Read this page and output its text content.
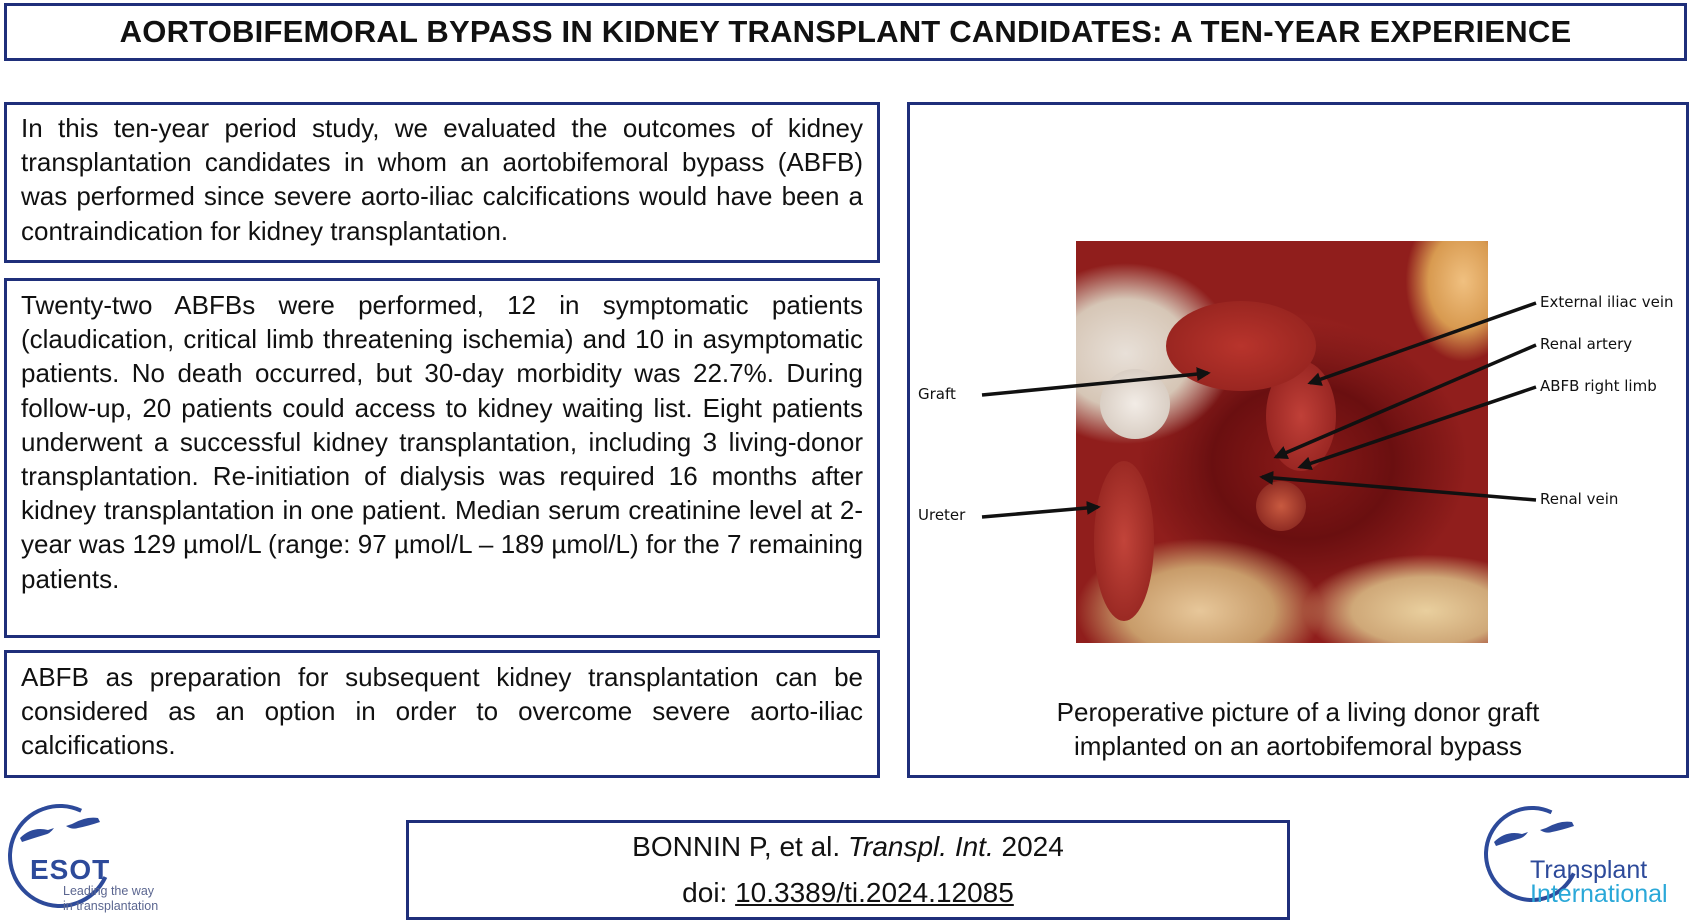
AORTOBIFEMORAL BYPASS IN KIDNEY TRANSPLANT CANDIDATES: A TEN-YEAR EXPERIENCE

In this ten-year period study, we evaluated the outcomes of kidney transplantation candidates in whom an aortobifemoral bypass (ABFB) was performed since severe aorto-iliac calcifications would have been a contraindication for kidney transplantation.

Twenty-two ABFBs were performed, 12 in symptomatic patients (claudication, critical limb threatening ischemia) and 10 in asymptomatic patients. No death occurred, but 30-day morbidity was 22.7%. During follow-up, 20 patients could access to kidney waiting list. Eight patients underwent a successful kidney transplantation, including 3 living-donor transplantation. Re-initiation of dialysis was required 16 months after kidney transplantation in one patient. Median serum creatinine level at 2-year was 129 µmol/L (range: 97 µmol/L – 189 µmol/L) for the 7 remaining patients.

ABFB as preparation for subsequent kidney transplantation can be considered as an option in order to overcome severe aorto-iliac calcifications.

Graft
Ureter
External iliac vein
Renal artery
ABFB right limb
Renal vein
Peroperative picture of a living donor graft
implanted on an aortobifemoral bypass
BONNIN P, et al. Transpl. Int. 2024
doi: 10.3389/ti.2024.12085
ESOT
Leading the way
in transplantation
Transplant
International
